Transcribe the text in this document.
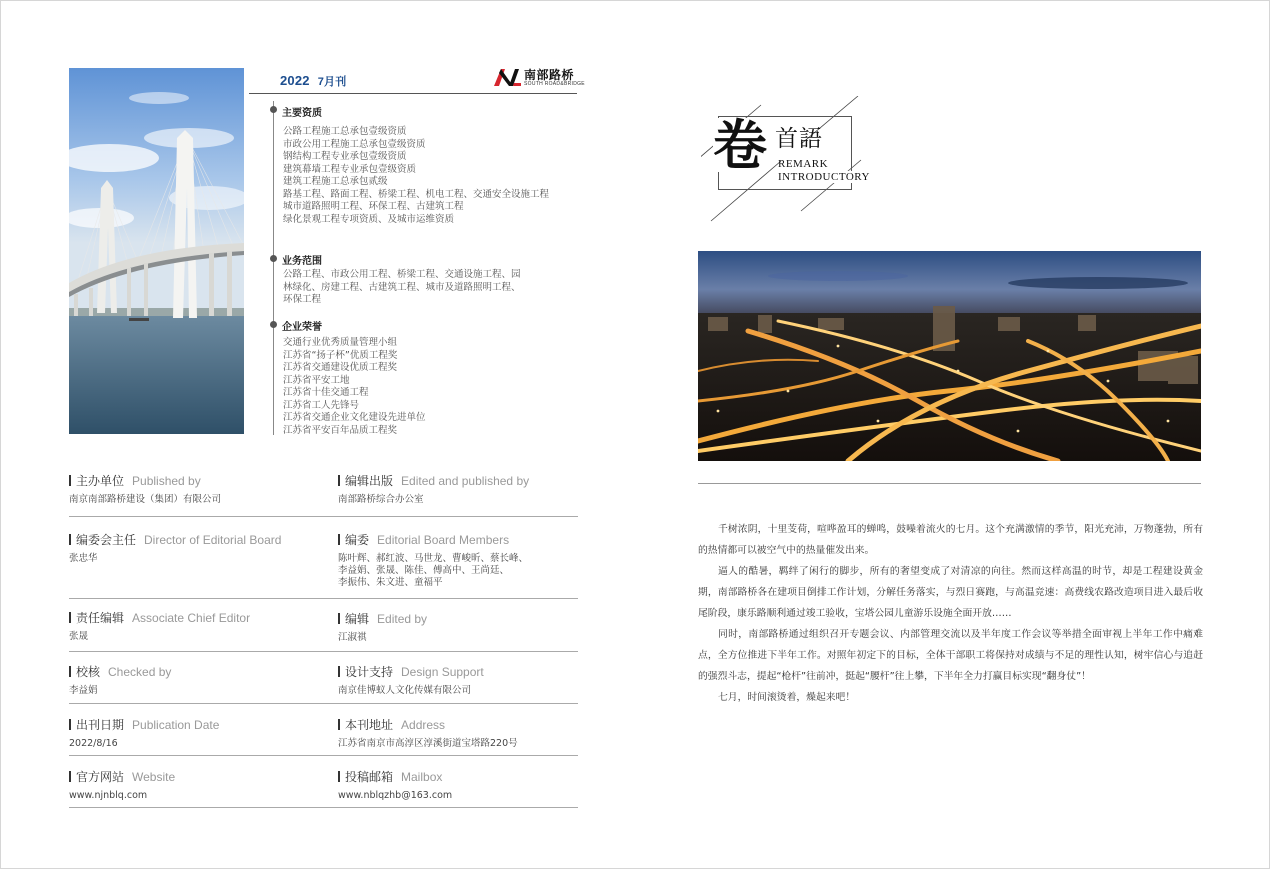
2022 7月刊	南部路桥
SOUTH ROAD&BRIDGE
主要资质
公路工程施工总承包壹级资质
市政公用工程施工总承包壹级资质
钢结构工程专业承包壹级资质
建筑幕墙工程专业承包壹级资质
建筑工程施工总承包贰级
路基工程、路面工程、桥梁工程、机电工程、交通安全设施工程
城市道路照明工程、环保工程、古建筑工程
绿化景观工程专项资质、及城市运维资质
业务范围
公路工程、市政公用工程、桥梁工程、交通设施工程、园
林绿化、房建工程、古建筑工程、城市及道路照明工程、
环保工程
企业荣誉
交通行业优秀质量管理小组
江苏省“扬子杯”优质工程奖
江苏省交通建设优质工程奖
江苏省平安工地
江苏省十佳交通工程
江苏省工人先锋号
江苏省交通企业文化建设先进单位
江苏省平安百年品质工程奖
主办单位 Published by
南京南部路桥建设（集团）有限公司
编辑出版 Edited and published by
南部路桥综合办公室
编委会主任 Director of Editorial Board
张忠华
编委 Editorial Board Members
陈叶辉、郝红波、马世龙、曹峻昕、蔡长峰、
李益娟、张晟、陈佳、傅高中、王尚廷、
李振伟、朱文进、童福平
责任编辑 Associate Chief Editor
张晟
编辑 Edited by
江淑祺
校核 Checked by
李益娟
设计支持 Design Support
南京佳博蚁人文化传媒有限公司
出刊日期 Publication Date
2022/8/16
本刊地址 Address
江苏省南京市高淳区淳溪街道宝塔路220号
官方网站 Website
www.njnblq.com
投稿邮箱 Mailbox
www.nblqzhb@163.com
卷 首語
REMARK
INTRODUCTORY

千树浓阴，十里芰荷，喧哗盈耳的蝉鸣，鼓噪着流火的七月。这个充满激情的季节，阳光充沛，万物蓬勃，所有的热情都可以被空气中的热量催发出来。

逼人的酷暑，羁绊了闲行的脚步，所有的奢望变成了对清凉的向往。然而这样高温的时节，却是工程建设黄金期，南部路桥各在建项目倒排工作计划，分解任务落实，与烈日赛跑，与高温竞速：高费线农路改造项目进入最后收尾阶段，康乐路顺利通过竣工验收，宝塔公园儿童游乐设施全面开放……

同时，南部路桥通过组织召开专题会议、内部管理交流以及半年度工作会议等举措全面审视上半年工作中痛难点，全方位推进下半年工作。对照年初定下的目标，全体干部职工将保持对成绩与不足的理性认知，树牢信心与追赶的强烈斗志，提起“枪杆”往前冲，挺起“腰杆”往上攀，下半年全力打赢目标实现“翻身仗”！

七月，时间滚烫着，燥起来吧！
